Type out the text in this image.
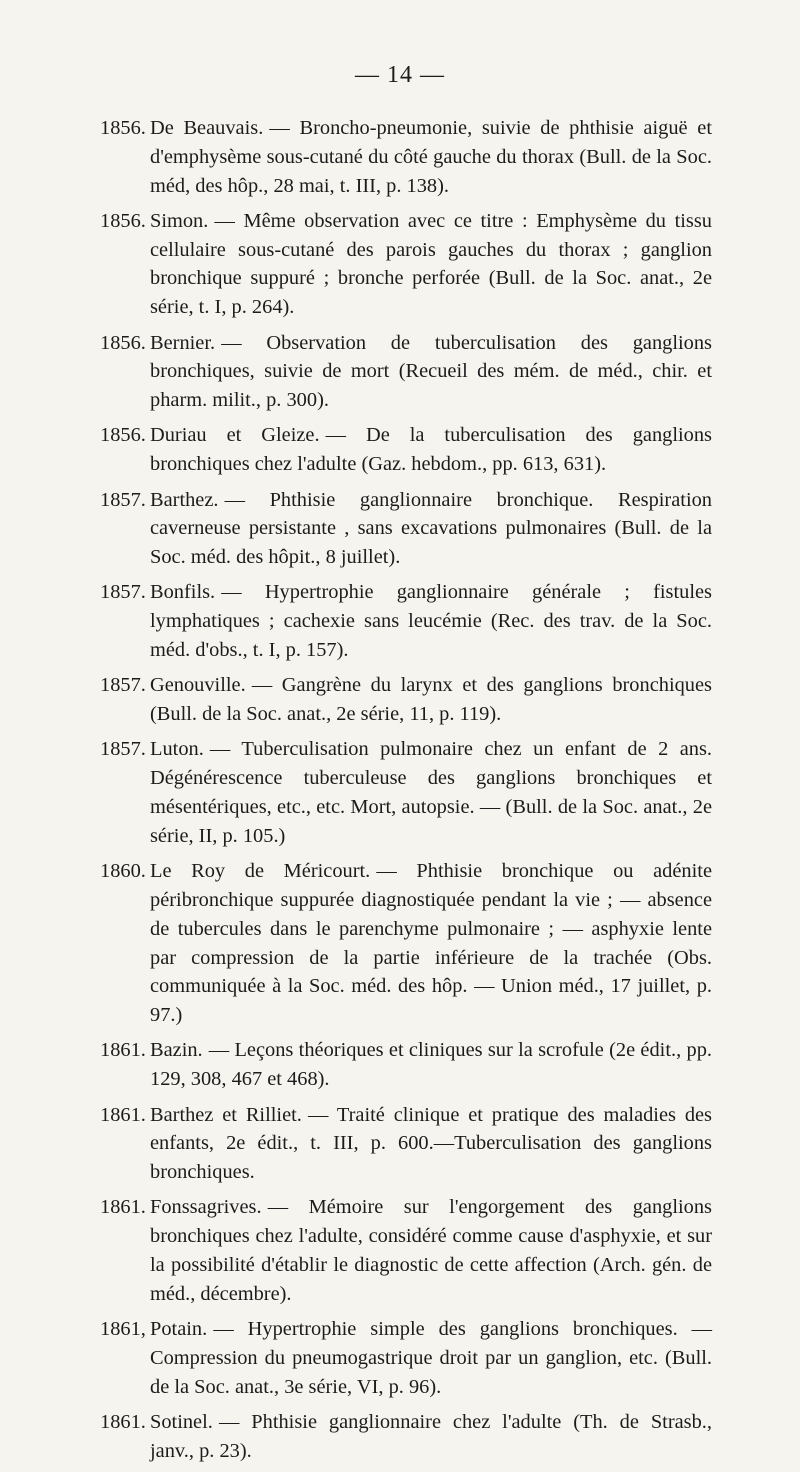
— 14 —
1856. De Beauvais. — Broncho-pneumonie, suivie de phthisie aiguë et d'emphysème sous-cutané du côté gauche du thorax (Bull. de la Soc. méd, des hôp., 28 mai, t. III, p. 138).
1856. Simon. — Même observation avec ce titre : Emphysème du tissu cellulaire sous-cutané des parois gauches du thorax ; ganglion bronchique suppuré ; bronche perforée (Bull. de la Soc. anat., 2e série, t. I, p. 264).
1856. Bernier. — Observation de tuberculisation des ganglions bronchiques, suivie de mort (Recueil des mém. de méd., chir. et pharm. milit., p. 300).
1856. Duriau et Gleize. — De la tuberculisation des ganglions bronchiques chez l'adulte (Gaz. hebdom., pp. 613, 631).
1857. Barthez. — Phthisie ganglionnaire bronchique. Respiration caverneuse persistante , sans excavations pulmonaires (Bull. de la Soc. méd. des hôpit., 8 juillet).
1857. Bonfils. — Hypertrophie ganglionnaire générale ; fistules lymphatiques ; cachexie sans leucémie (Rec. des trav. de la Soc. méd. d'obs., t. I, p. 157).
1857. Genouville. — Gangrène du larynx et des ganglions bronchiques (Bull. de la Soc. anat., 2e série, 11, p. 119).
1857. Luton. — Tuberculisation pulmonaire chez un enfant de 2 ans. Dégénérescence tuberculeuse des ganglions bronchiques et mésentériques, etc., etc. Mort, autopsie. — (Bull. de la Soc. anat., 2e série, II, p. 105.)
1860. Le Roy de Méricourt. — Phthisie bronchique ou adénite péribronchique suppurée diagnostiquée pendant la vie ; — absence de tubercules dans le parenchyme pulmonaire ; — asphyxie lente par compression de la partie inférieure de la trachée (Obs. communiquée à la Soc. méd. des hôp. — Union méd., 17 juillet, p. 97.)
1861. Bazin. — Leçons théoriques et cliniques sur la scrofule (2e édit., pp. 129, 308, 467 et 468).
1861. Barthez et Rilliet. — Traité clinique et pratique des maladies des enfants, 2e édit., t. III, p. 600.—Tuberculisation des ganglions bronchiques.
1861. Fonssagrives. — Mémoire sur l'engorgement des ganglions bronchiques chez l'adulte, considéré comme cause d'asphyxie, et sur la possibilité d'établir le diagnostic de cette affection (Arch. gén. de méd., décembre).
1861, Potain. — Hypertrophie simple des ganglions bronchiques. — Compression du pneumogastrique droit par un ganglion, etc. (Bull. de la Soc. anat., 3e série, VI, p. 96).
1861. Sotinel. — Phthisie ganglionnaire chez l'adulte (Th. de Strasb., janv., p. 23).
